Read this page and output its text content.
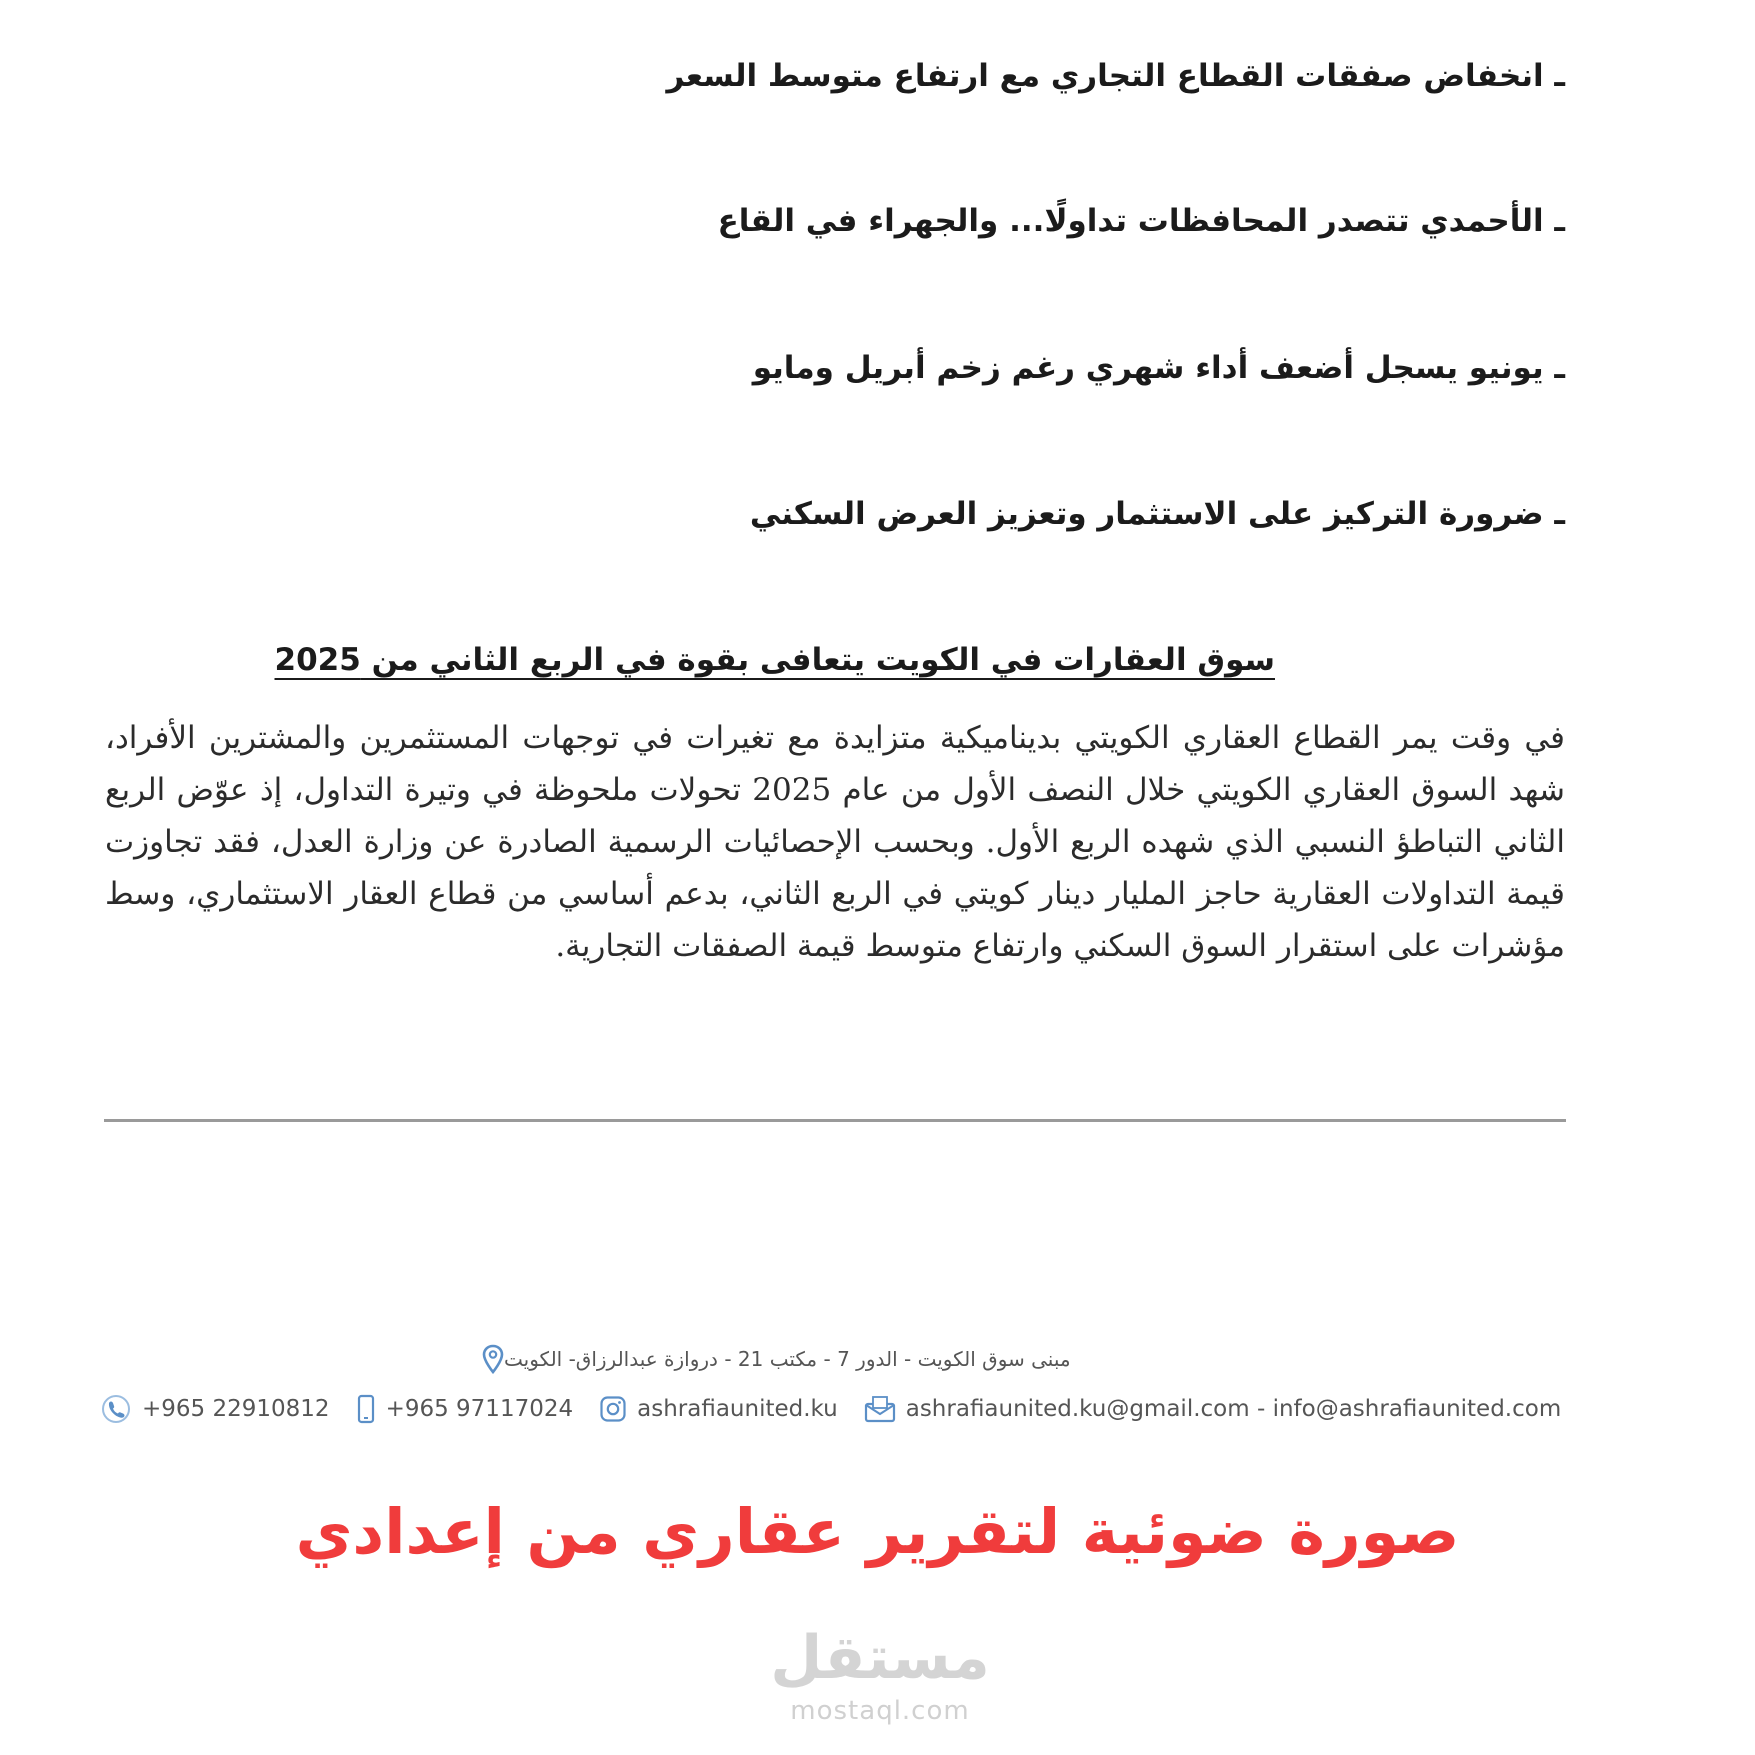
ـ انخفاض صفقات القطاع التجاري مع ارتفاع متوسط السعر
ـ الأحمدي تتصدر المحافظات تداولًا... والجهراء في القاع
ـ يونيو يسجل أضعف أداء شهري رغم زخم أبريل ومايو
ـ ضرورة التركيز على الاستثمار وتعزيز العرض السكني
سوق العقارات في الكويت يتعافى بقوة في الربع الثاني من 2025
في وقت يمر القطاع العقاري الكويتي بديناميكية متزايدة مع تغيرات في توجهات المستثمرين والمشترين الأفراد، شهد السوق العقاري الكويتي خلال النصف الأول من عام 2025 تحولات ملحوظة في وتيرة التداول، إذ عوّض الربع الثاني التباطؤ النسبي الذي شهده الربع الأول. وبحسب الإحصائيات الرسمية الصادرة عن وزارة العدل، فقد تجاوزت قيمة التداولات العقارية حاجز المليار دينار كويتي في الربع الثاني، بدعم أساسي من قطاع العقار الاستثماري، وسط مؤشرات على استقرار السوق السكني وارتفاع متوسط قيمة الصفقات التجارية.
مبنى سوق الكويت - الدور 7 - مكتب 21 - دروازة عبدالرزاق- الكويت
+965 22910812 +965 97117024	ashrafiaunited.ku	ashrafiaunited.ku@gmail.com - info@ashrafiaunited.com
صورة ضوئية لتقرير عقاري من إعدادي
مستقل
mostaql.com
